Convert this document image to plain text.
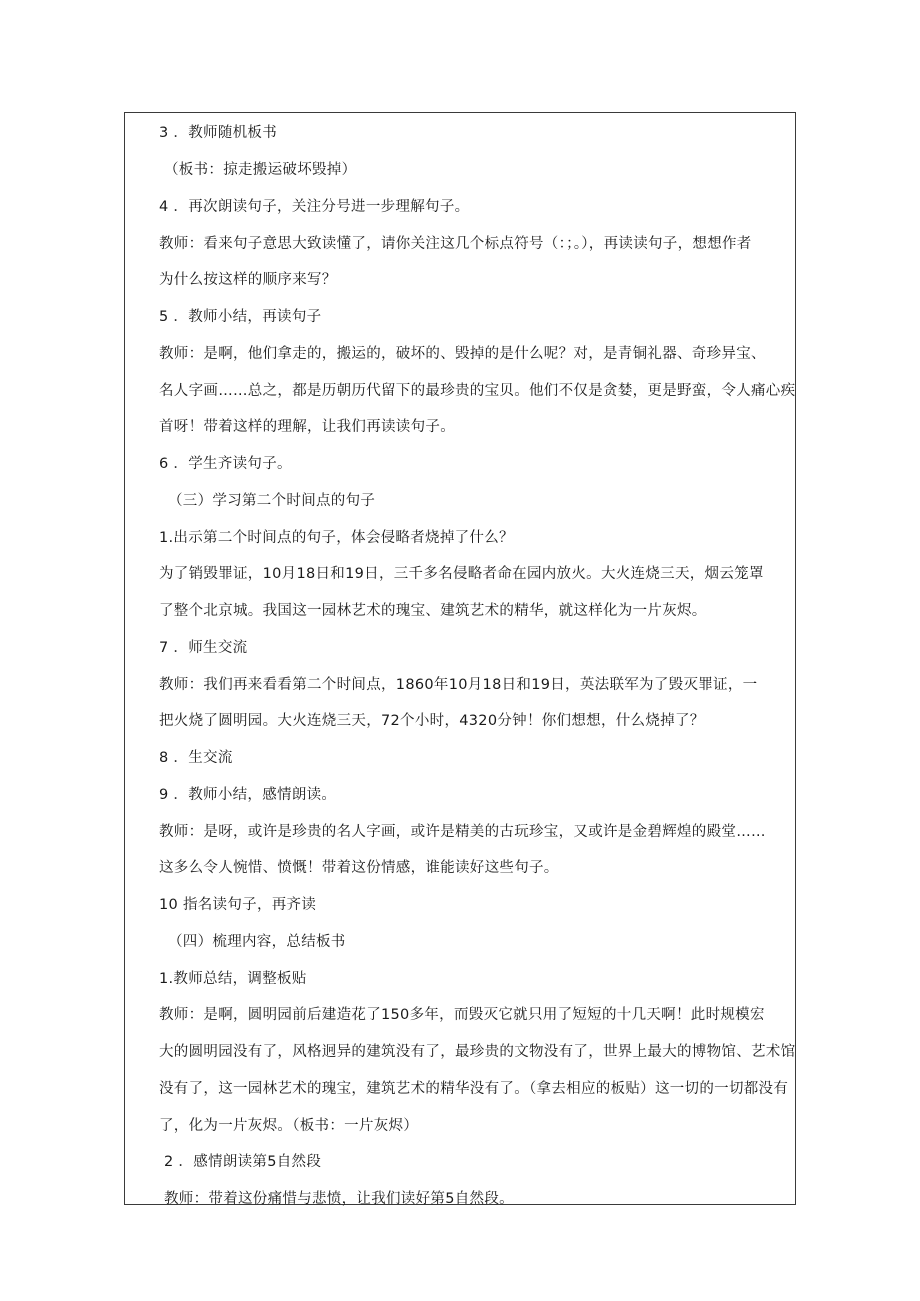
3 ．教师随机板书
（板书：掠走搬运破坏毁掉）
4 ．再次朗读句子，关注分号进一步理解句子。
教师：看来句子意思大致读懂了，请你关注这几个标点符号（：；。），再读读句子，想想作者
为什么按这样的顺序来写？
5 ．教师小结，再读句子
教师：是啊，他们拿走的，搬运的，破坏的、毁掉的是什么呢？对，是青铜礼器、奇珍异宝、
名人字画……总之，都是历朝历代留下的最珍贵的宝贝。他们不仅是贪婪，更是野蛮，令人痛心疾
首呀！带着这样的理解，让我们再读读句子。
6 ．学生齐读句子。
（三）学习第二个时间点的句子
1.出示第二个时间点的句子，体会侵略者烧掉了什么？
为了销毁罪证，10月18日和19日，三千多名侵略者命在园内放火。大火连烧三天，烟云笼罩
了整个北京城。我国这一园林艺术的瑰宝、建筑艺术的精华，就这样化为一片灰烬。
7 ．师生交流
教师：我们再来看看第二个时间点，1860年10月18日和19日，英法联军为了毁灭罪证，一
把火烧了圆明园。大火连烧三天，72个小时，4320分钟！你们想想，什么烧掉了？
8 ．生交流
9 ．教师小结，感情朗读。
教师：是呀，或许是珍贵的名人字画，或许是精美的古玩珍宝，又或许是金碧辉煌的殿堂……
这多么令人惋惜、愤慨！带着这份情感，谁能读好这些句子。
10 指名读句子，再齐读
（四）梳理内容，总结板书
1.教师总结，调整板贴
教师：是啊，圆明园前后建造花了150多年，而毁灭它就只用了短短的十几天啊！此时规模宏
大的圆明园没有了，风格迥异的建筑没有了，最珍贵的文物没有了，世界上最大的博物馆、艺术馆
没有了，这一园林艺术的瑰宝，建筑艺术的精华没有了。（拿去相应的板贴）这一切的一切都没有
了，化为一片灰烬。（板书：一片灰烬）
2 ．感情朗读第5自然段
教师：带着这份痛惜与悲愤，让我们读好第5自然段。
